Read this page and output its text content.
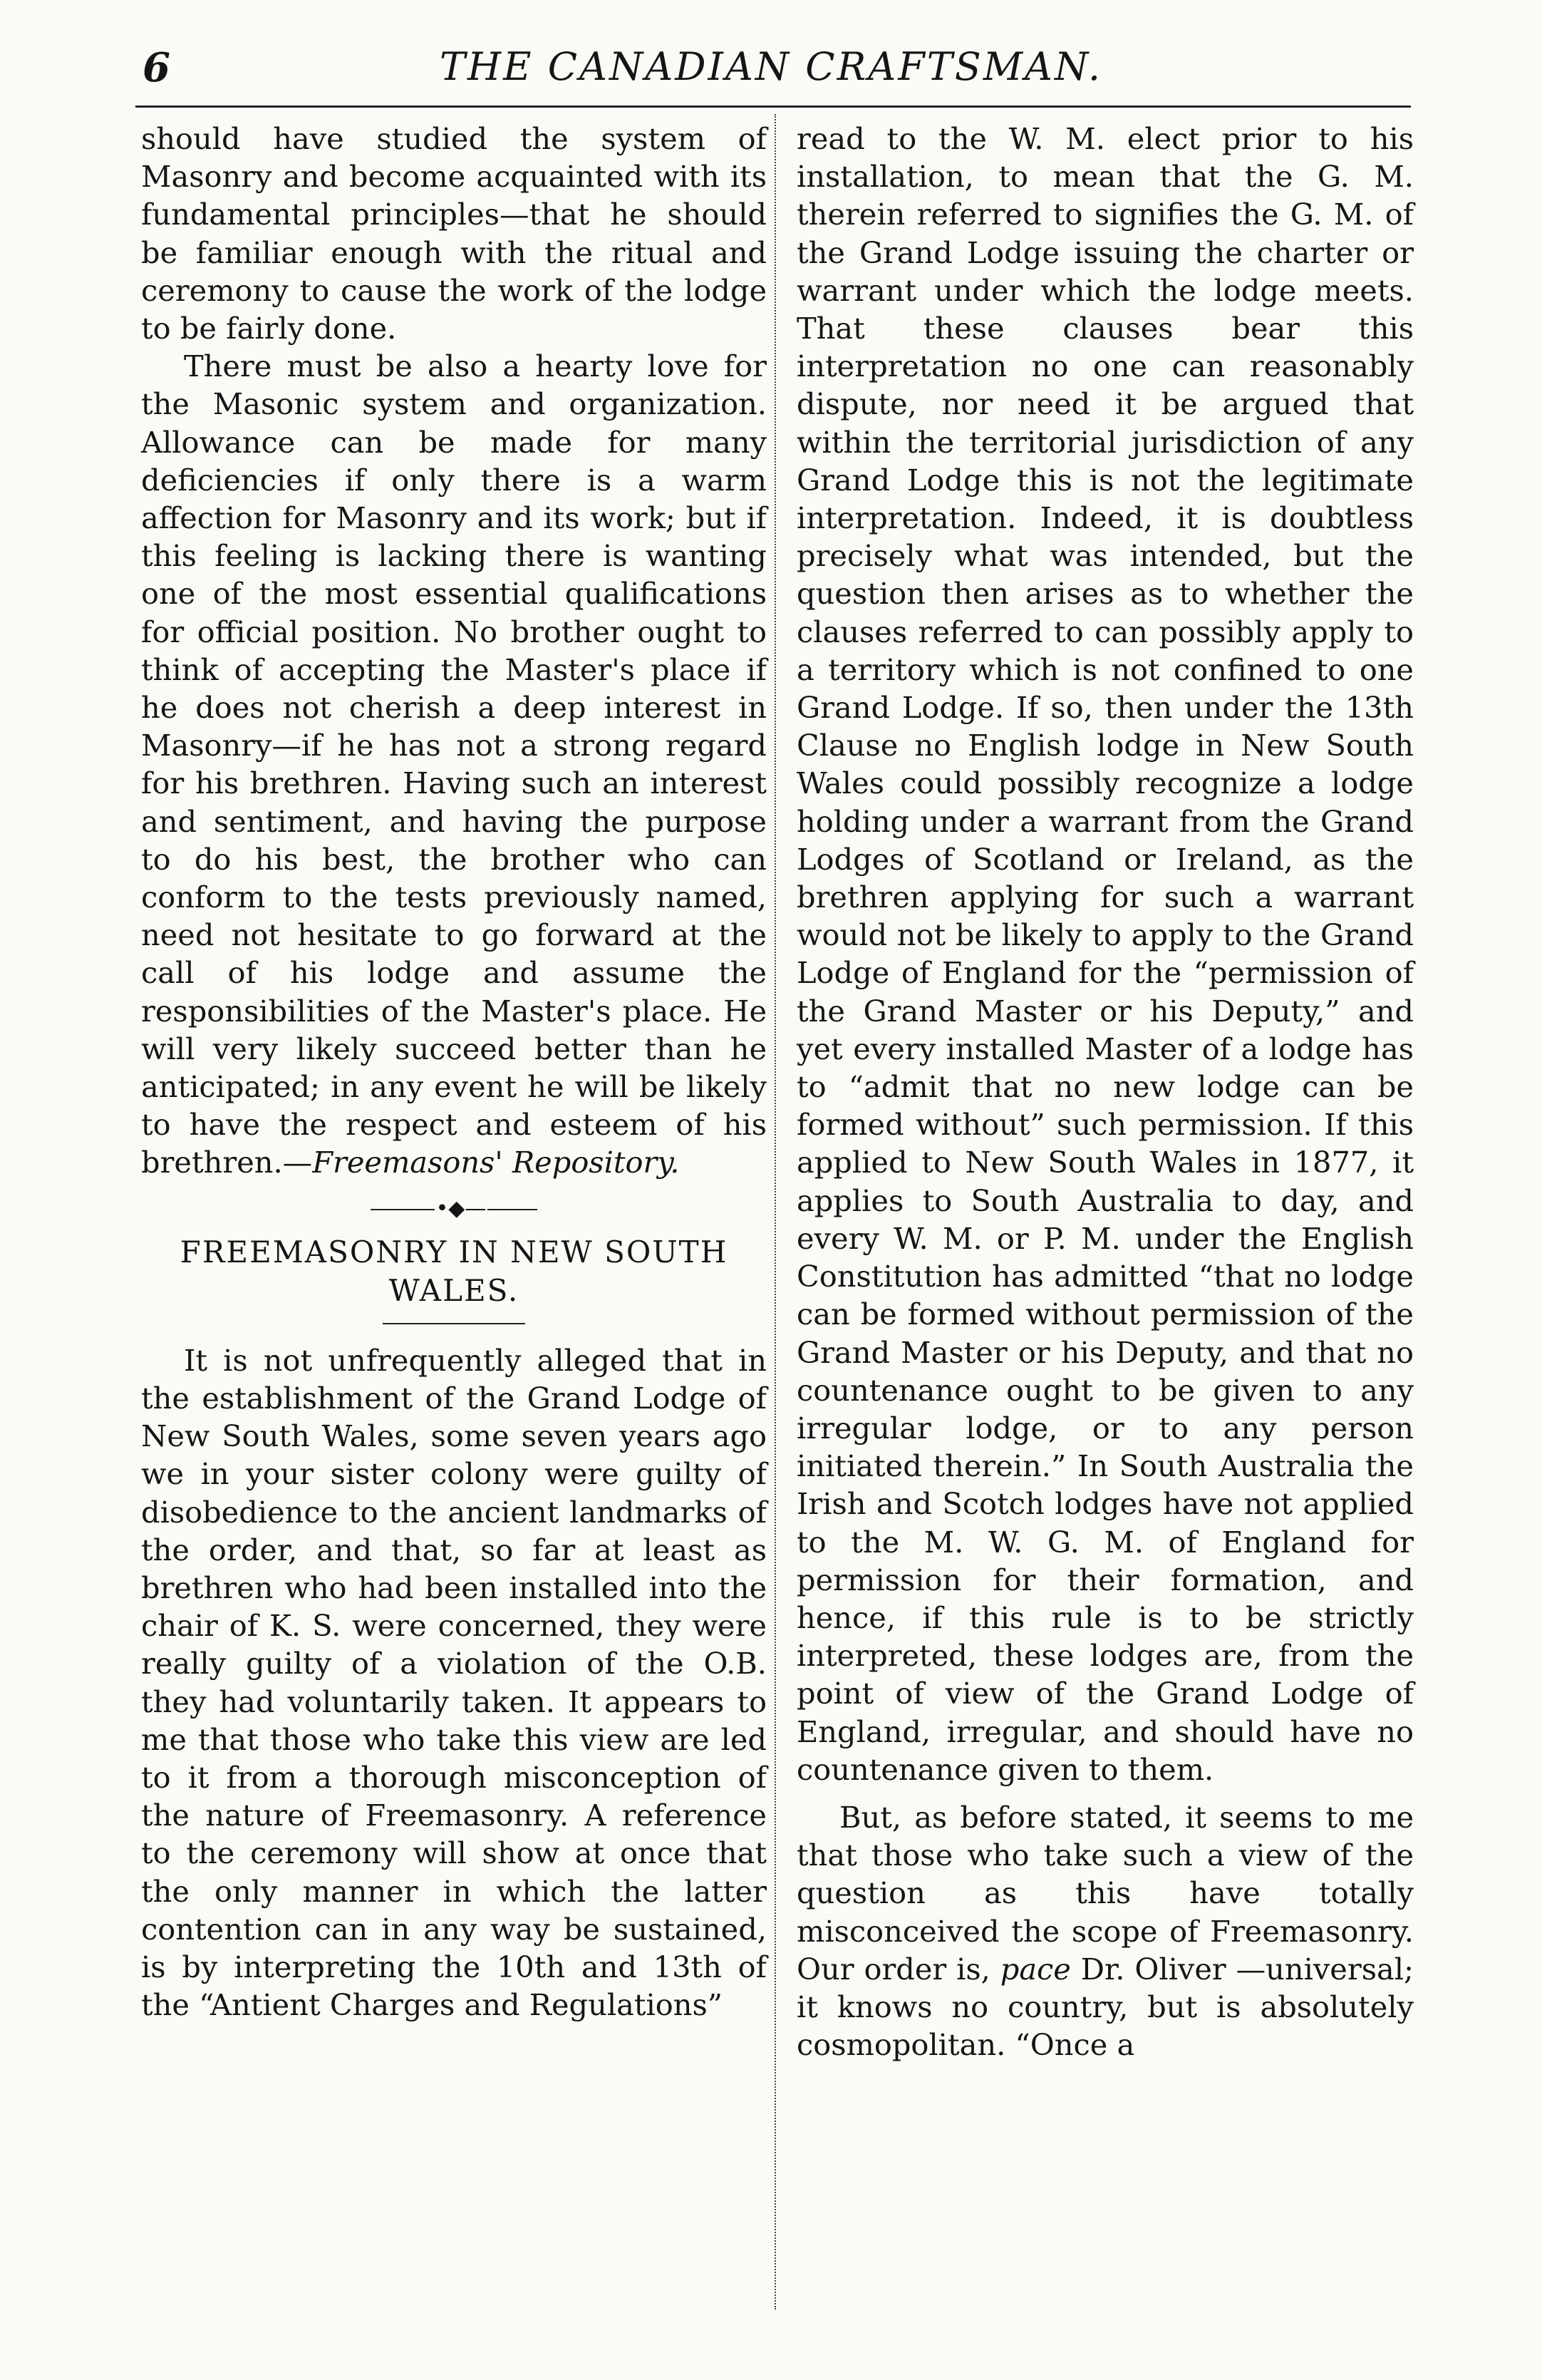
6	THE CANADIAN CRAFTSMAN.

should have studied the system of Masonry and become acquainted with its fundamental principles—that he should be familiar enough with the ritual and ceremony to cause the work of the lodge to be fairly done.

There must be also a hearty love for the Masonic system and organization. Allowance can be made for many deficiencies if only there is a warm affection for Masonry and its work; but if this feeling is lacking there is wanting one of the most essential qualifications for official position. No brother ought to think of accepting the Master's place if he does not cherish a deep interest in Masonry—if he has not a strong regard for his brethren. Having such an interest and sentiment, and having the purpose to do his best, the brother who can conform to the tests previously named, need not hesitate to go forward at the call of his lodge and assume the responsibilities of the Master's place. He will very likely succeed better than he anticipated; in any event he will be likely to have the respect and esteem of his brethren.—Freemasons' Repository.

•◆—
FREEMASONRY IN NEW SOUTH
WALES.

It is not unfrequently alleged that in the establishment of the Grand Lodge of New South Wales, some seven years ago we in your sister colony were guilty of disobedience to the ancient landmarks of the order, and that, so far at least as brethren who had been installed into the chair of K. S. were concerned, they were really guilty of a violation of the O.B. they had voluntarily taken. It appears to me that those who take this view are led to it from a thorough misconception of the nature of Freemasonry. A reference to the ceremony will show at once that the only manner in which the latter contention can in any way be sustained, is by interpreting the 10th and 13th of the “Antient Charges and Regulations”

read to the W. M. elect prior to his installation, to mean that the G. M. therein referred to signifies the G. M. of the Grand Lodge issuing the charter or warrant under which the lodge meets. That these clauses bear this interpretation no one can reasonably dispute, nor need it be argued that within the territorial jurisdiction of any Grand Lodge this is not the legitimate interpretation. Indeed, it is doubtless precisely what was intended, but the question then arises as to whether the clauses referred to can possibly apply to a territory which is not confined to one Grand Lodge. If so, then under the 13th Clause no English lodge in New South Wales could possibly recognize a lodge holding under a warrant from the Grand Lodges of Scotland or Ireland, as the brethren applying for such a warrant would not be likely to apply to the Grand Lodge of England for the “permission of the Grand Master or his Deputy,” and yet every installed Master of a lodge has to “admit that no new lodge can be formed without” such permission. If this applied to New South Wales in 1877, it applies to South Australia to day, and every W. M. or P. M. under the English Constitution has admitted “that no lodge can be formed without permission of the Grand Master or his Deputy, and that no countenance ought to be given to any irregular lodge, or to any person initiated therein.” In South Australia the Irish and Scotch lodges have not applied to the M. W. G. M. of England for permission for their formation, and hence, if this rule is to be strictly interpreted, these lodges are, from the point of view of the Grand Lodge of England, irregular, and should have no countenance given to them.

But, as before stated, it seems to me that those who take such a view of the question as this have totally misconceived the scope of Freemasonry. Our order is, pace Dr. Oliver —universal; it knows no country, but is absolutely cosmopolitan. “Once a
